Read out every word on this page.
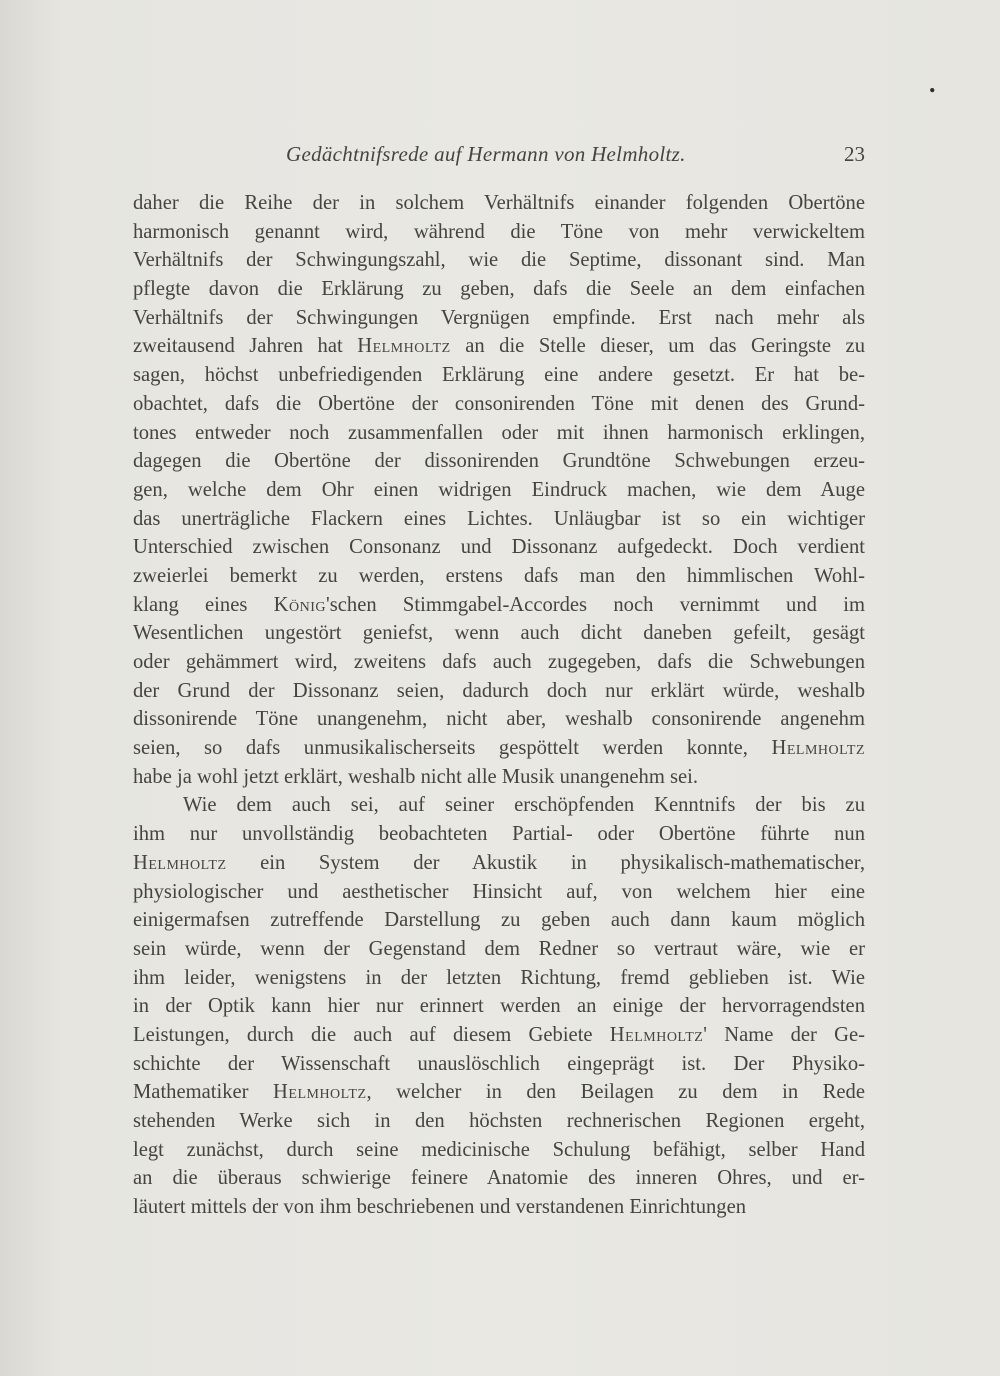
•
Gedächtnifsrede auf Hermann von Helmholtz.	23
daher die Reihe der in solchem Verhältnifs einander folgenden Obertöne
harmonisch genannt wird, während die Töne von mehr verwickeltem
Verhältnifs der Schwingungszahl, wie die Septime, dissonant sind. Man
pflegte davon die Erklärung zu geben, dafs die Seele an dem einfachen
Verhältnifs der Schwingungen Vergnügen empfinde. Erst nach mehr als
zweitausend Jahren hat Helmholtz an die Stelle dieser, um das Geringste zu
sagen, höchst unbefriedigenden Erklärung eine andere gesetzt. Er hat be-
obachtet, dafs die Obertöne der consonirenden Töne mit denen des Grund-
tones entweder noch zusammenfallen oder mit ihnen harmonisch erklingen,
dagegen die Obertöne der dissonirenden Grundtöne Schwebungen erzeu-
gen, welche dem Ohr einen widrigen Eindruck machen, wie dem Auge
das unerträgliche Flackern eines Lichtes. Unläugbar ist so ein wichtiger
Unterschied zwischen Consonanz und Dissonanz aufgedeckt. Doch verdient
zweierlei bemerkt zu werden, erstens dafs man den himmlischen Wohl-
klang eines König'schen Stimmgabel-Accordes noch vernimmt und im
Wesentlichen ungestört geniefst, wenn auch dicht daneben gefeilt, gesägt
oder gehämmert wird, zweitens dafs auch zugegeben, dafs die Schwebungen
der Grund der Dissonanz seien, dadurch doch nur erklärt würde, weshalb
dissonirende Töne unangenehm, nicht aber, weshalb consonirende angenehm
seien, so dafs unmusikalischerseits gespöttelt werden konnte, Helmholtz
habe ja wohl jetzt erklärt, weshalb nicht alle Musik unangenehm sei.
Wie dem auch sei, auf seiner erschöpfenden Kenntnifs der bis zu
ihm nur unvollständig beobachteten Partial- oder Obertöne führte nun
Helmholtz ein System der Akustik in physikalisch-mathematischer,
physiologischer und aesthetischer Hinsicht auf, von welchem hier eine
einigermafsen zutreffende Darstellung zu geben auch dann kaum möglich
sein würde, wenn der Gegenstand dem Redner so vertraut wäre, wie er
ihm leider, wenigstens in der letzten Richtung, fremd geblieben ist. Wie
in der Optik kann hier nur erinnert werden an einige der hervorragendsten
Leistungen, durch die auch auf diesem Gebiete Helmholtz' Name der Ge-
schichte der Wissenschaft unauslöschlich eingeprägt ist. Der Physiko-
Mathematiker Helmholtz, welcher in den Beilagen zu dem in Rede
stehenden Werke sich in den höchsten rechnerischen Regionen ergeht,
legt zunächst, durch seine medicinische Schulung befähigt, selber Hand
an die überaus schwierige feinere Anatomie des inneren Ohres, und er-
läutert mittels der von ihm beschriebenen und verstandenen Einrichtungen
